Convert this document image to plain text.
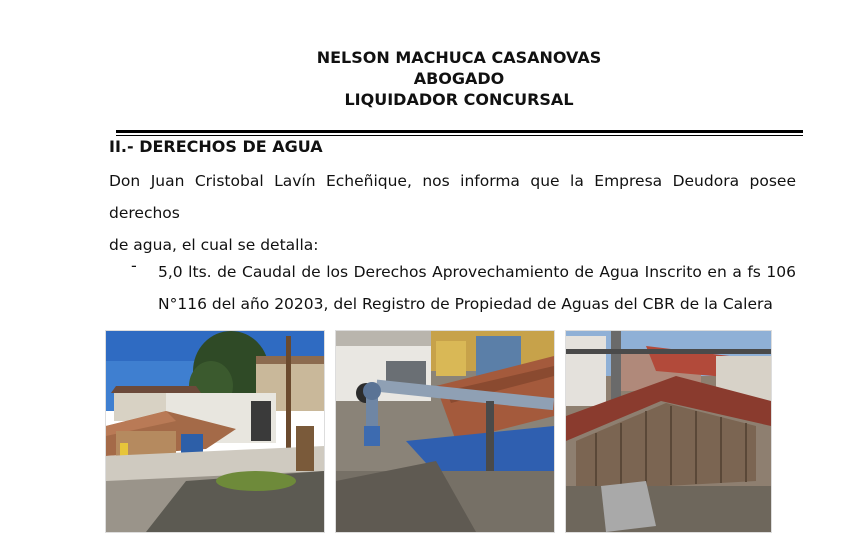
NELSON MACHUCA CASANOVAS
ABOGADO
LIQUIDADOR CONCURSAL
II.- DERECHOS DE AGUA
Don Juan Cristobal Lavín Echeñique, nos informa que la Empresa Deudora posee derechos
de agua, el cual se detalla:
- 5,0 lts. de Caudal de los Derechos Aprovechamiento de Agua Inscrito en a fs 106
N°116 del año 20203, del Registro de Propiedad de Aguas del CBR de la Calera
